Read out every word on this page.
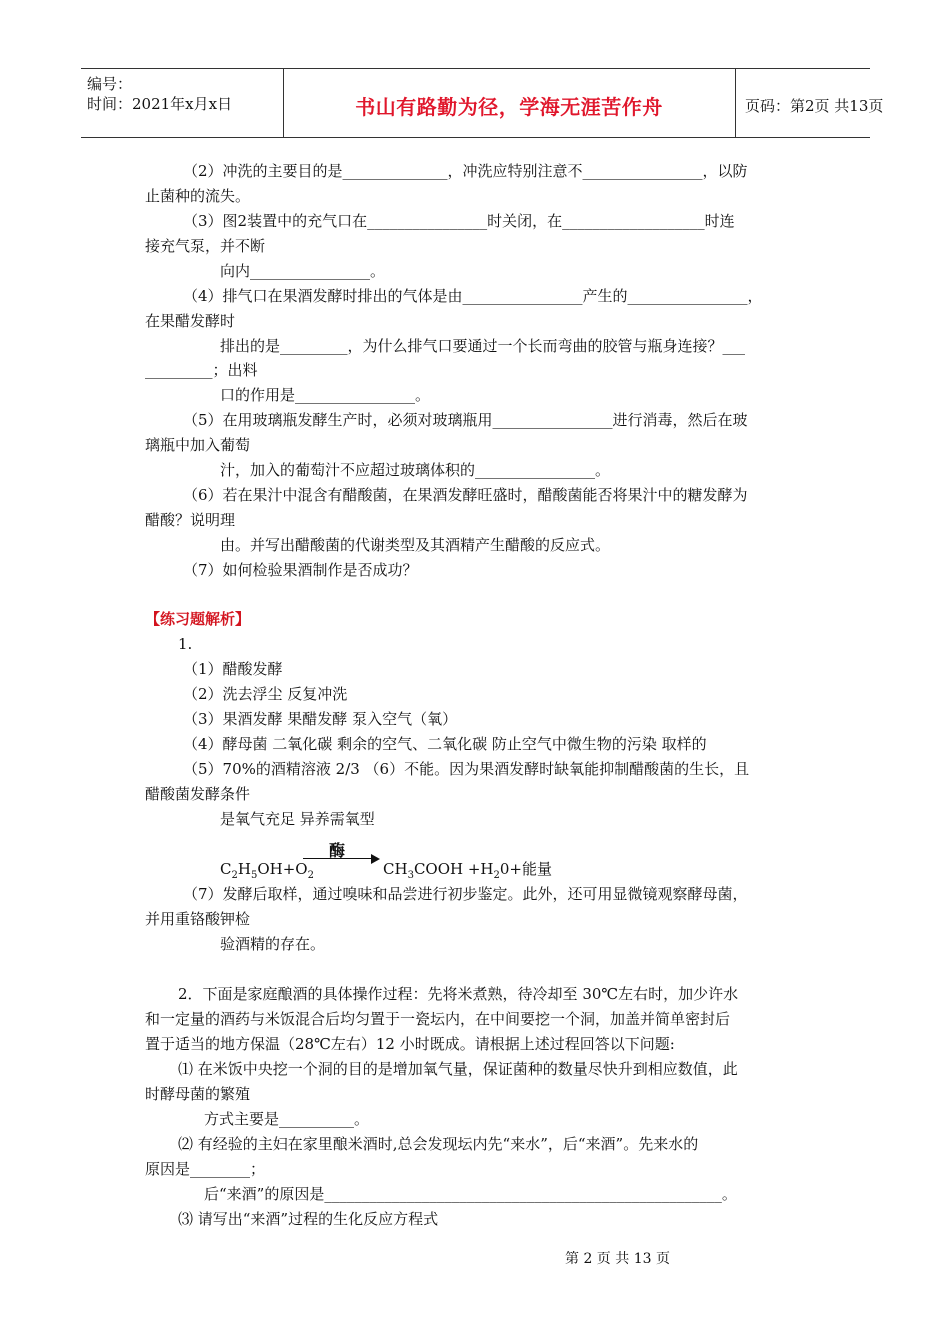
编号：
时间：2021年x月x日	书山有路勤为径，学海无涯苦作舟	页码：第2页 共13页
（2）冲洗的主要目的是______________，冲洗应特别注意不________________，以防
止菌种的流失。
（3）图2装置中的充气口在________________时关闭，在___________________时连
接充气泵，并不断
向内________________。
（4）排气口在果酒发酵时排出的气体是由________________产生的________________，
在果醋发酵时
排出的是_________，为什么排气口要通过一个长而弯曲的胶管与瓶身连接？___
_________；出料
口的作用是________________。
（5）在用玻璃瓶发酵生产时，必须对玻璃瓶用________________进行消毒，然后在玻
璃瓶中加入葡萄
汁，加入的葡萄汁不应超过玻璃体积的________________。
（6）若在果汁中混含有醋酸菌，在果酒发酵旺盛时，醋酸菌能否将果汁中的糖发酵为
醋酸？说明理
由。并写出醋酸菌的代谢类型及其酒精产生醋酸的反应式。
（7）如何检验果酒制作是否成功？
【练习题解析】
1.
（1）醋酸发酵
（2）洗去浮尘 反复冲洗
（3）果酒发酵 果醋发酵 泵入空气（氧）
（4）酵母菌 二氧化碳 剩余的空气、二氧化碳 防止空气中微生物的污染 取样的
（5）70%的酒精溶液 2/3 （6）不能。因为果酒发酵时缺氧能抑制醋酸菌的生长，且
醋酸菌发酵条件
是氧气充足 异养需氧型
$C_2H_5OH+O_2$
酶
$CH_3COOH +H_20+$能量
（7）发酵后取样，通过嗅味和品尝进行初步鉴定。此外，还可用显微镜观察酵母菌，
并用重铬酸钾检
验酒精的存在。
2．下面是家庭酿酒的具体操作过程：先将米煮熟，待冷却至 30℃左右时，加少许水
和一定量的酒药与米饭混合后均匀置于一瓷坛内，在中间要挖一个洞，加盖并简单密封后
置于适当的地方保温（28℃左右）12 小时既成。请根据上述过程回答以下问题:
⑴ 在米饭中央挖一个洞的目的是增加氧气量，保证菌种的数量尽快升到相应数值，此
时酵母菌的繁殖
方式主要是__________。
⑵ 有经验的主妇在家里酿米酒时,总会发现坛内先“来水”，后“来酒”。先来水的
原因是________；
后“来酒”的原因是_____________________________________________________。
⑶ 请写出“来酒”过程的生化反应方程式
第 2 页 共 13 页
